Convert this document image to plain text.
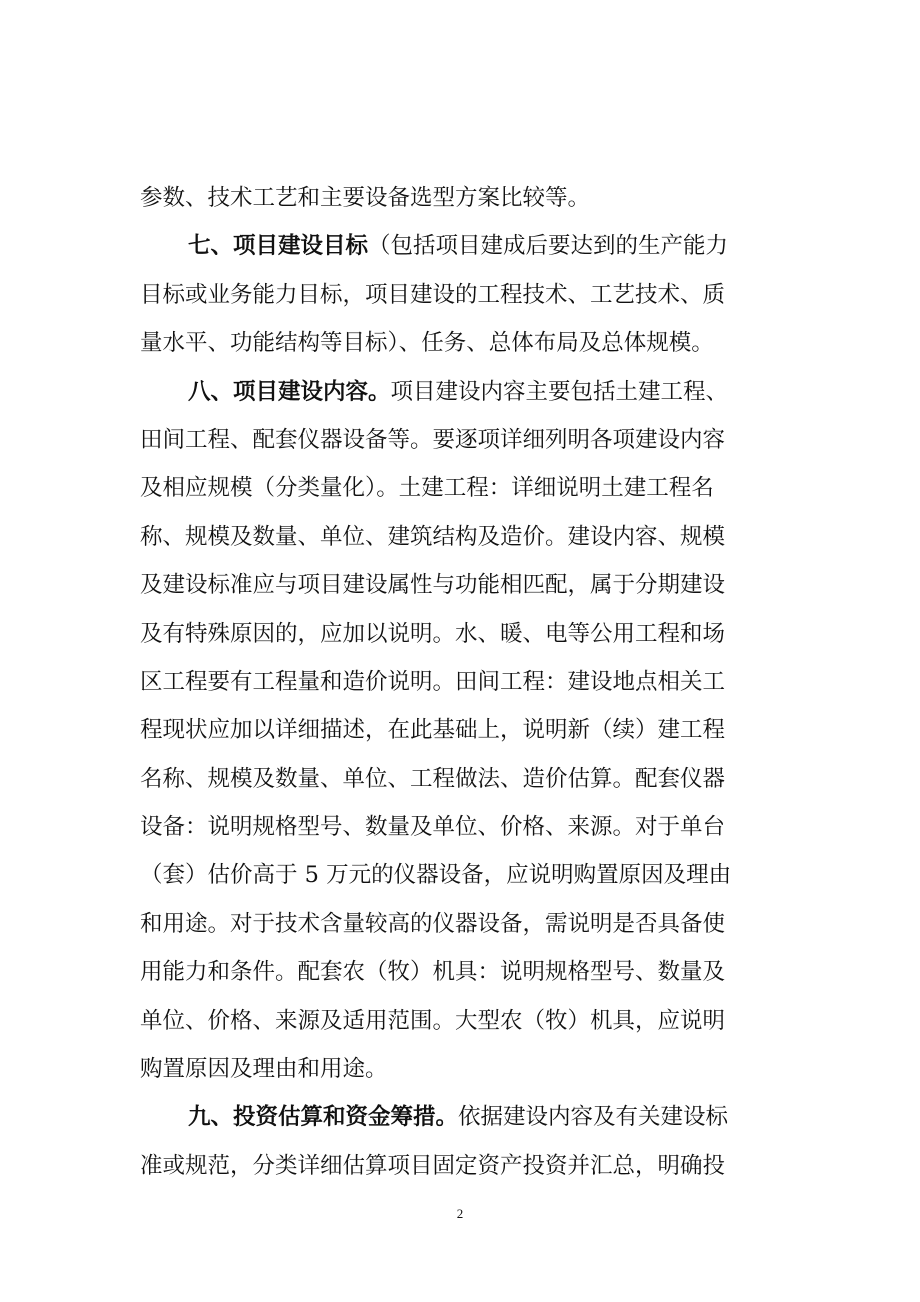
参数、技术工艺和主要设备选型方案比较等。
七、项目建设目标（包括项目建成后要达到的生产能力
目标或业务能力目标，项目建设的工程技术、工艺技术、质
量水平、功能结构等目标）、任务、总体布局及总体规模。
八、项目建设内容。项目建设内容主要包括土建工程、
田间工程、配套仪器设备等。要逐项详细列明各项建设内容
及相应规模（分类量化）。土建工程：详细说明土建工程名
称、规模及数量、单位、建筑结构及造价。建设内容、规模
及建设标准应与项目建设属性与功能相匹配，属于分期建设
及有特殊原因的，应加以说明。水、暖、电等公用工程和场
区工程要有工程量和造价说明。田间工程：建设地点相关工
程现状应加以详细描述，在此基础上，说明新（续）建工程
名称、规模及数量、单位、工程做法、造价估算。配套仪器
设备：说明规格型号、数量及单位、价格、来源。对于单台
（套）估价高于 5 万元的仪器设备，应说明购置原因及理由
和用途。对于技术含量较高的仪器设备，需说明是否具备使
用能力和条件。配套农（牧）机具：说明规格型号、数量及
单位、价格、来源及适用范围。大型农（牧）机具，应说明
购置原因及理由和用途。
九、投资估算和资金筹措。依据建设内容及有关建设标
准或规范，分类详细估算项目固定资产投资并汇总，明确投
2
